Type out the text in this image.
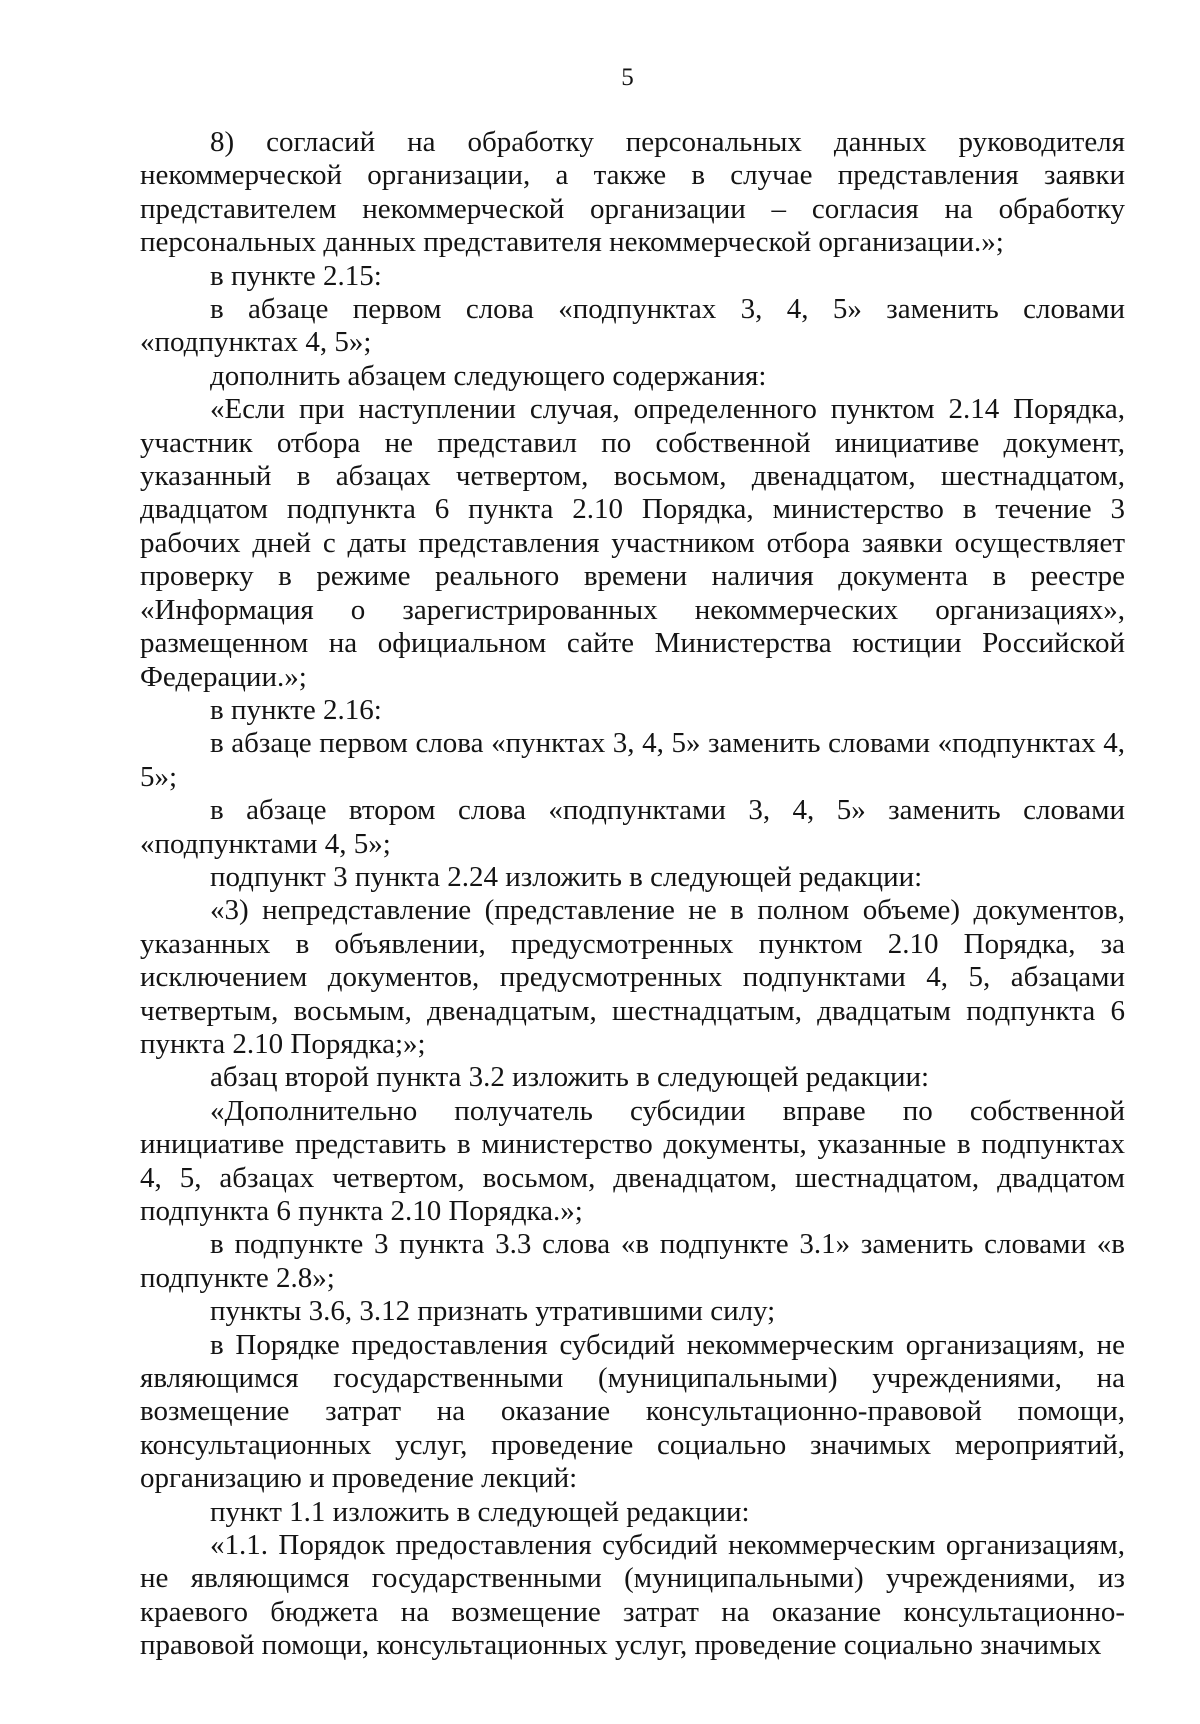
5

8) согласий на обработку персональных данных руководителя некоммерческой организации, а также в случае представления заявки представителем некоммерческой организации – согласия на обработку персональных данных представителя некоммерческой организации.»;

в пункте 2.15:

в абзаце первом слова «подпунктах 3, 4, 5» заменить словами «подпунктах 4, 5»;

дополнить абзацем следующего содержания:

«Если при наступлении случая, определенного пунктом 2.14 Порядка, участник отбора не представил по собственной инициативе документ, указанный в абзацах четвертом, восьмом, двенадцатом, шестнадцатом, двадцатом подпункта 6 пункта 2.10 Порядка, министерство в течение 3 рабочих дней с даты представления участником отбора заявки осуществляет проверку в режиме реального времени наличия документа в реестре «Информация о зарегистрированных некоммерческих организациях», размещенном на официальном сайте Министерства юстиции Российской Федерации.»;

в пункте 2.16:

в абзаце первом слова «пунктах 3, 4, 5» заменить словами «подпунктах 4, 5»;

в абзаце втором слова «подпунктами 3, 4, 5» заменить словами «подпунктами 4, 5»;

подпункт 3 пункта 2.24 изложить в следующей редакции:

«3) непредставление (представление не в полном объеме) документов, указанных в объявлении, предусмотренных пунктом 2.10 Порядка, за исключением документов, предусмотренных подпунктами 4, 5, абзацами четвертым, восьмым, двенадцатым, шестнадцатым, двадцатым подпункта 6 пункта 2.10 Порядка;»;

абзац второй пункта 3.2 изложить в следующей редакции:

«Дополнительно получатель субсидии вправе по собственной инициативе представить в министерство документы, указанные в подпунктах 4, 5, абзацах четвертом, восьмом, двенадцатом, шестнадцатом, двадцатом подпункта 6 пункта 2.10 Порядка.»;

в подпункте 3 пункта 3.3 слова «в подпункте 3.1» заменить словами «в подпункте 2.8»;

пункты 3.6, 3.12 признать утратившими силу;

в Порядке предоставления субсидий некоммерческим организациям, не являющимся государственными (муниципальными) учреждениями, на возмещение затрат на оказание консультационно-правовой помощи, консультационных услуг, проведение социально значимых мероприятий, организацию и проведение лекций:

пункт 1.1 изложить в следующей редакции:

«1.1. Порядок предоставления субсидий некоммерческим организациям, не являющимся государственными (муниципальными) учреждениями, из краевого бюджета на возмещение затрат на оказание консультационно-правовой помощи, консультационных услуг, проведение социально значимых
